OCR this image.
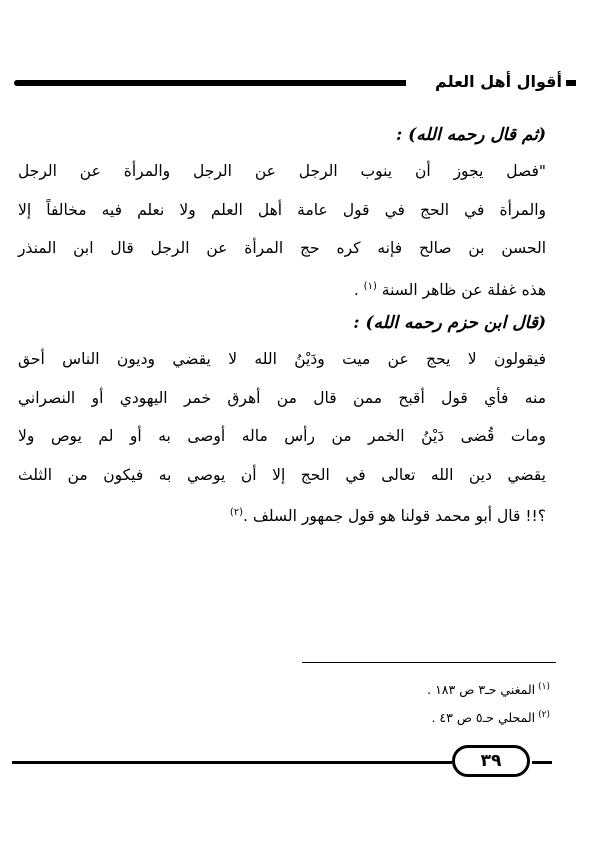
أقوال أهل العلم
(ثم قال رحمه الله) :
"فصل يجوز أن ينوب الرجل عن الرجل والمرأة عن الرجل
والمرأة في الحج في قول عامة أهل العلم ولا نعلم فيه مخالفاً إلا
الحسن بن صالح فإنه كره حج المرأة عن الرجل قال ابن المنذر
هذه غفلة عن ظاهر السنة $^{(١)}$ .
(قال ابن حزم رحمه الله) :
فيقولون لا يحج عن ميت ودَيْنُ الله لا يقضي وديون الناس أحق
منه فأي قول أقبح ممن قال من أهرق خمر اليهودي أو النصراني
ومات قُضى دَيْنُ الخمر من رأس ماله أوصى به أو لم يوص ولا
يقضي دين الله تعالى في الحج إلا أن يوصي به فيكون من الثلث
؟!! قال أبو محمد قولنا هو قول جمهور السلف .$^{(٢)}$
$^{(١)}$المغني حـ٣ ص ١٨٣ .
$^{(٢)}$المحلي حـ٥ ص ٤٣ .
٣٩
